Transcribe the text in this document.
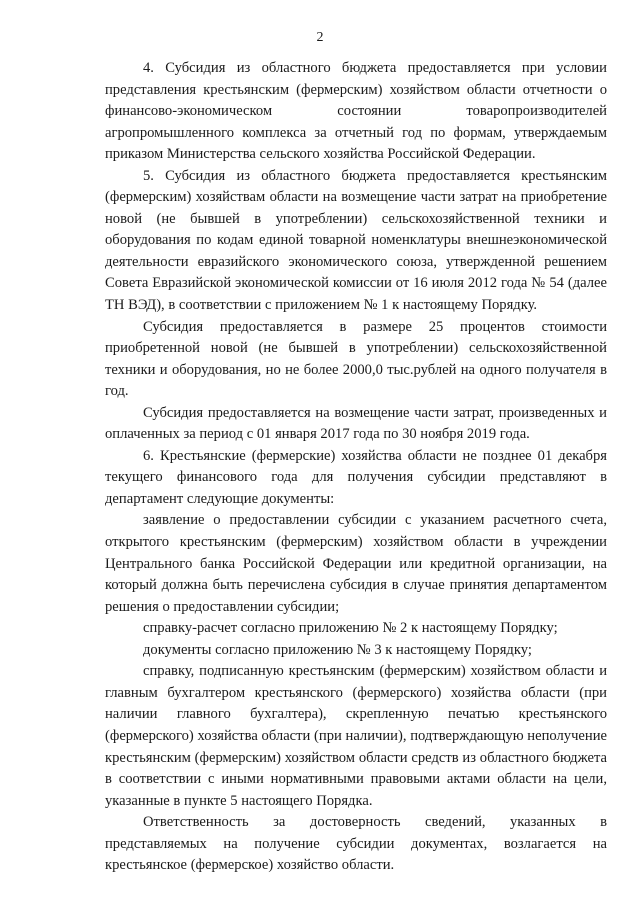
2

4. Субсидия из областного бюджета предоставляется при условии представления крестьянским (фермерским) хозяйством области отчетности о финансово-экономическом состоянии товаропроизводителей агропромышленного комплекса за отчетный год по формам, утверждаемым приказом Министерства сельского хозяйства Российской Федерации.

5. Субсидия из областного бюджета предоставляется крестьянским (фермерским) хозяйствам области на возмещение части затрат на приобретение новой (не бывшей в употреблении) сельскохозяйственной техники и оборудования по кодам единой товарной номенклатуры внешнеэкономической деятельности евразийского экономического союза, утвержденной решением Совета Евразийской экономической комиссии от 16 июля 2012 года № 54 (далее ТН ВЭД), в соответствии с приложением № 1 к настоящему Порядку.

Субсидия предоставляется в размере 25 процентов стоимости приобретенной новой (не бывшей в употреблении) сельскохозяйственной техники и оборудования, но не более 2000,0 тыс.рублей на одного получателя в год.

Субсидия предоставляется на возмещение части затрат, произведенных и оплаченных за период с 01 января 2017 года по 30 ноября 2019 года.

6. Крестьянские (фермерские) хозяйства области не позднее 01 декабря текущего финансового года для получения субсидии представляют в департамент следующие документы:

заявление о предоставлении субсидии с указанием расчетного счета, открытого крестьянским (фермерским) хозяйством области в учреждении Центрального банка Российской Федерации или кредитной организации, на который должна быть перечислена субсидия в случае принятия департаментом решения о предоставлении субсидии;

справку-расчет согласно приложению № 2 к настоящему Порядку;

документы согласно приложению № 3 к настоящему Порядку;

справку, подписанную крестьянским (фермерским) хозяйством области и главным бухгалтером крестьянского (фермерского) хозяйства области (при наличии главного бухгалтера), скрепленную печатью крестьянского (фермерского) хозяйства области (при наличии), подтверждающую неполучение крестьянским (фермерским) хозяйством области средств из областного бюджета в соответствии с иными нормативными правовыми актами области на цели, указанные в пункте 5 настоящего Порядка.

Ответственность за достоверность сведений, указанных в представляемых на получение субсидии документах, возлагается на крестьянское (фермерское) хозяйство области.
